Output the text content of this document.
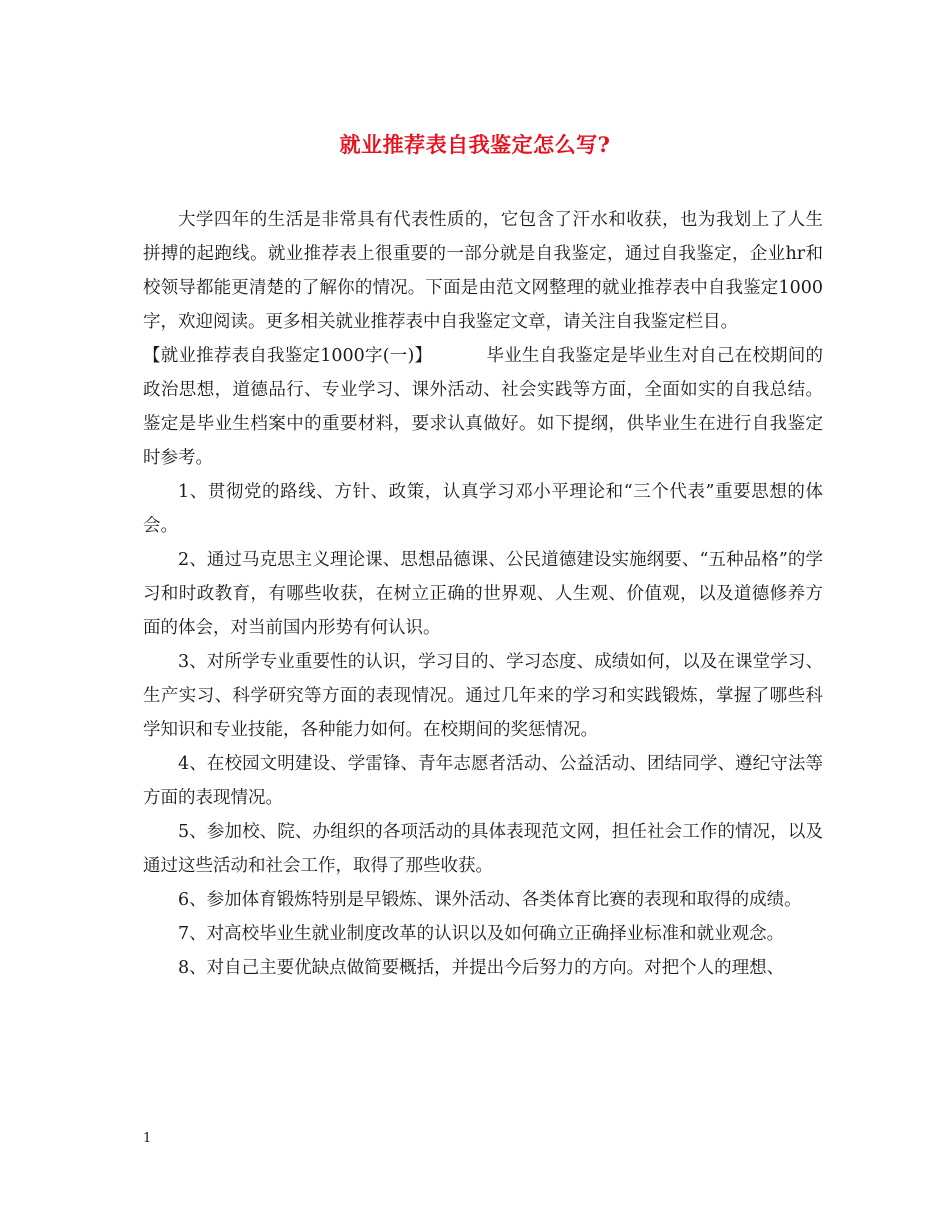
就业推荐表自我鉴定怎么写?

大学四年的生活是非常具有代表性质的，它包含了汗水和收获，也为我划上了人生拼搏的起跑线。就业推荐表上很重要的一部分就是自我鉴定，通过自我鉴定，企业hr和校领导都能更清楚的了解你的情况。下面是由范文网整理的就业推荐表中自我鉴定1000字，欢迎阅读。更多相关就业推荐表中自我鉴定文章，请关注自我鉴定栏目。

【就业推荐表自我鉴定1000字(一)】	毕业生自我鉴定是毕业生对自己在校期间的政治思想，道德品行、专业学习、课外活动、社会实践等方面，全面如实的自我总结。鉴定是毕业生档案中的重要材料，要求认真做好。如下提纲，供毕业生在进行自我鉴定时参考。

1、贯彻党的路线、方针、政策，认真学习邓小平理论和“三个代表”重要思想的体会。

2、通过马克思主义理论课、思想品德课、公民道德建设实施纲要、“五种品格”的学习和时政教育，有哪些收获，在树立正确的世界观、人生观、价值观，以及道德修养方面的体会，对当前国内形势有何认识。

3、对所学专业重要性的认识，学习目的、学习态度、成绩如何，以及在课堂学习、生产实习、科学研究等方面的表现情况。通过几年来的学习和实践锻炼，掌握了哪些科学知识和专业技能，各种能力如何。在校期间的奖惩情况。

4、在校园文明建设、学雷锋、青年志愿者活动、公益活动、团结同学、遵纪守法等方面的表现情况。

5、参加校、院、办组织的各项活动的具体表现范文网，担任社会工作的情况，以及通过这些活动和社会工作，取得了那些收获。

6、参加体育锻炼特别是早锻炼、课外活动、各类体育比赛的表现和取得的成绩。

7、对高校毕业生就业制度改革的认识以及如何确立正确择业标准和就业观念。

8、对自己主要优缺点做简要概括，并提出今后努力的方向。对把个人的理想、

1
